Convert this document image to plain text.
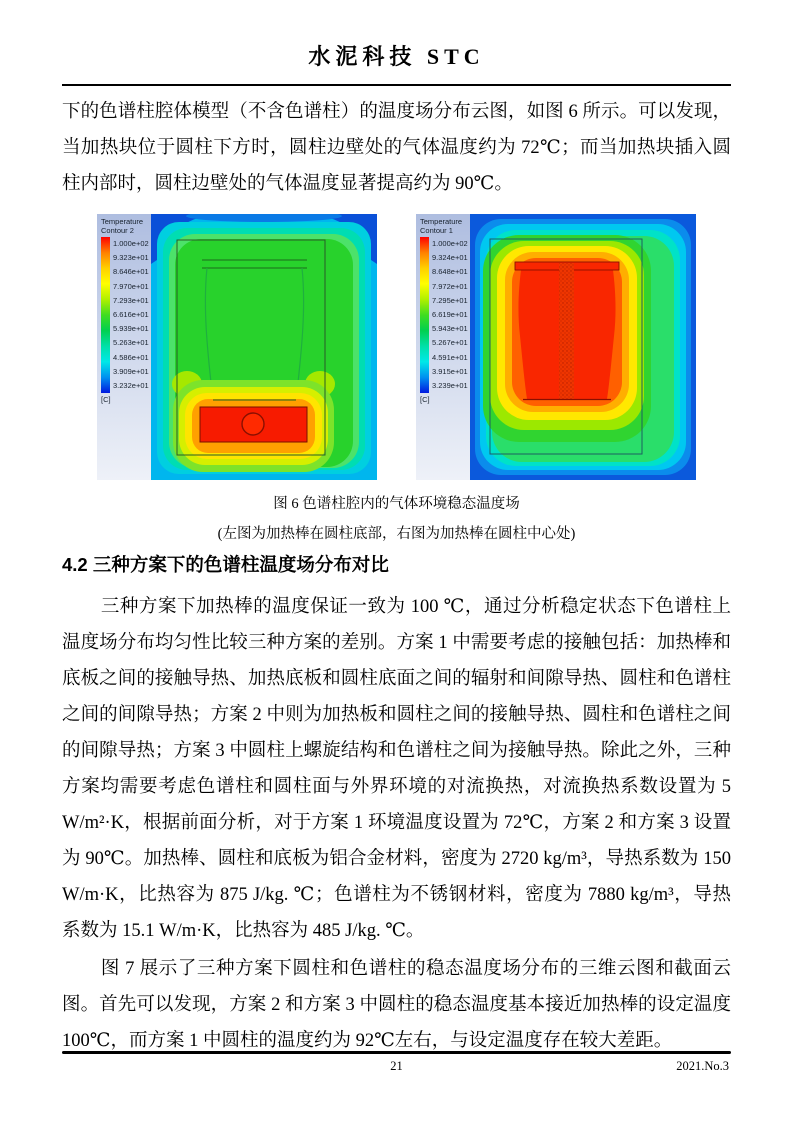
水泥科技 STC

下的色谱柱腔体模型（不含色谱柱）的温度场分布云图，如图 6 所示。可以发现，当加热块位于圆柱下方时，圆柱边壁处的气体温度约为 72℃；而当加热块插入圆柱内部时，圆柱边壁处的气体温度显著提高约为 90℃。

Temperature
Contour 2
1.000e+02
9.323e+01
8.646e+01
7.970e+01
7.293e+01
6.616e+01
5.939e+01
5.263e+01
4.586e+01
3.909e+01
3.232e+01
[C]
Temperature
Contour 1
1.000e+02
9.324e+01
8.648e+01
7.972e+01
7.295e+01
6.619e+01
5.943e+01
5.267e+01
4.591e+01
3.915e+01
3.239e+01
[C]
图 6 色谱柱腔内的气体环境稳态温度场
(左图为加热棒在圆柱底部，右图为加热棒在圆柱中心处)
4.2 三种方案下的色谱柱温度场分布对比

三种方案下加热棒的温度保证一致为 100 ℃，通过分析稳定状态下色谱柱上温度场分布均匀性比较三种方案的差别。方案 1 中需要考虑的接触包括：加热棒和底板之间的接触导热、加热底板和圆柱底面之间的辐射和间隙导热、圆柱和色谱柱之间的间隙导热；方案 2 中则为加热板和圆柱之间的接触导热、圆柱和色谱柱之间的间隙导热；方案 3 中圆柱上螺旋结构和色谱柱之间为接触导热。除此之外，三种方案均需要考虑色谱柱和圆柱面与外界环境的对流换热，对流换热系数设置为 5 W/m²·K，根据前面分析，对于方案 1 环境温度设置为 72℃，方案 2 和方案 3 设置为 90℃。加热棒、圆柱和底板为铝合金材料，密度为 2720 kg/m³，导热系数为 150 W/m·K，比热容为 875 J/kg. ℃；色谱柱为不锈钢材料，密度为 7880 kg/m³，导热系数为 15.1 W/m·K，比热容为 485 J/kg. ℃。

图 7 展示了三种方案下圆柱和色谱柱的稳态温度场分布的三维云图和截面云图。首先可以发现，方案 2 和方案 3 中圆柱的稳态温度基本接近加热棒的设定温度 100℃，而方案 1 中圆柱的温度约为 92℃左右，与设定温度存在较大差距。

21	2021.No.3
